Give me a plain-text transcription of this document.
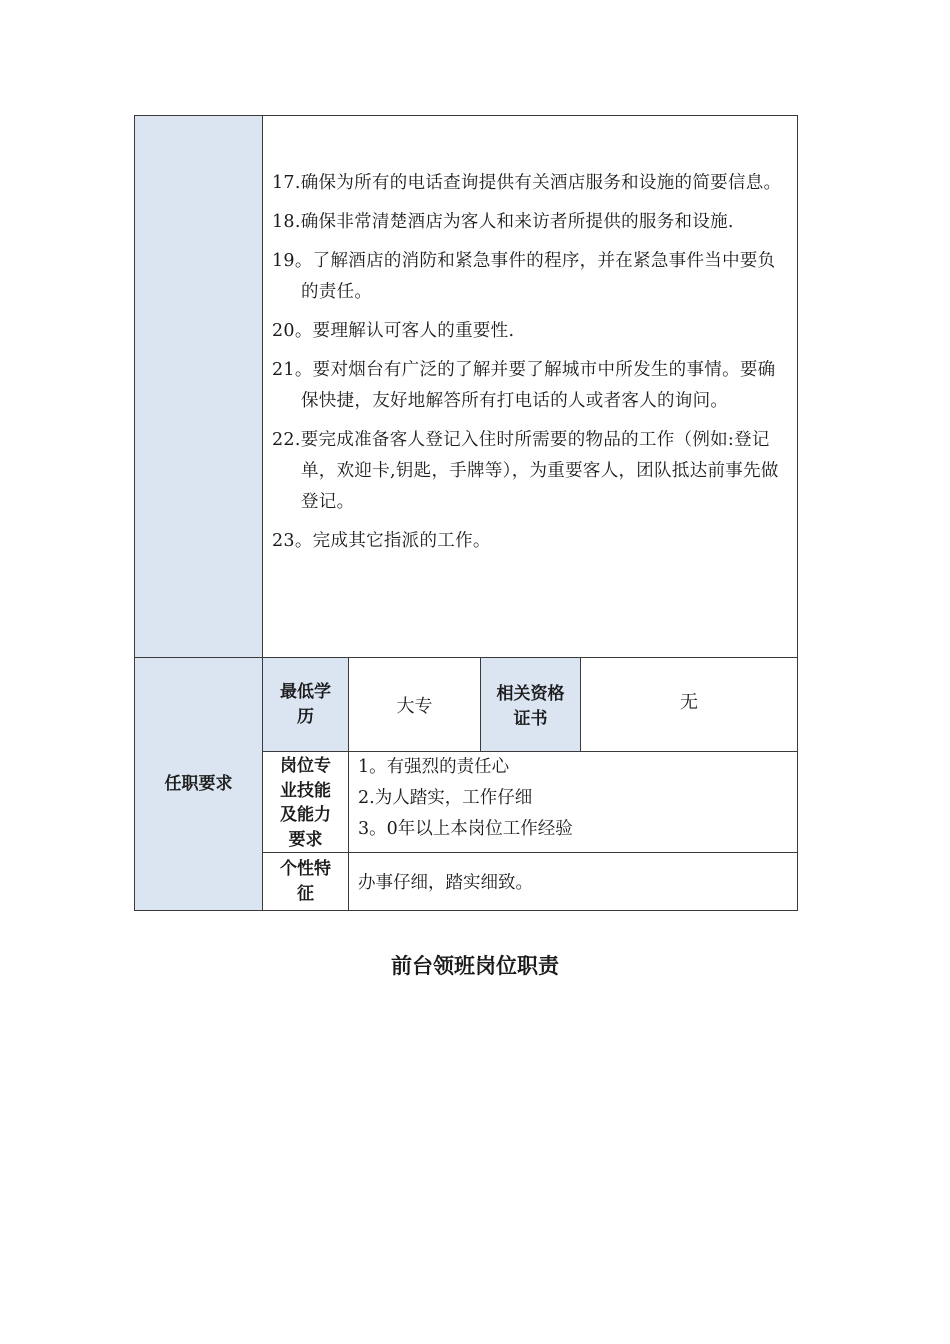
17.确保为所有的电话查询提供有关酒店服务和设施的简要信息。

18.确保非常清楚酒店为客人和来访者所提供的服务和设施.

19。了解酒店的消防和紧急事件的程序，并在紧急事件当中要负的责任。

20。要理解认可客人的重要性.

21。要对烟台有广泛的了解并要了解城市中所发生的事情。要确保快捷，友好地解答所有打电话的人或者客人的询问。

22.要完成准备客人登记入住时所需要的物品的工作（例如:登记单，欢迎卡,钥匙，手牌等），为重要客人，团队抵达前事先做登记。

23。完成其它指派的工作。

任职要求
最低学历	大专
相关资格证书
无
岗位专业技能及能力要求
1。有强烈的责任心
2.为人踏实，工作仔细
3。0年以上本岗位工作经验
个性特征
办事仔细，踏实细致。
前台领班岗位职责
